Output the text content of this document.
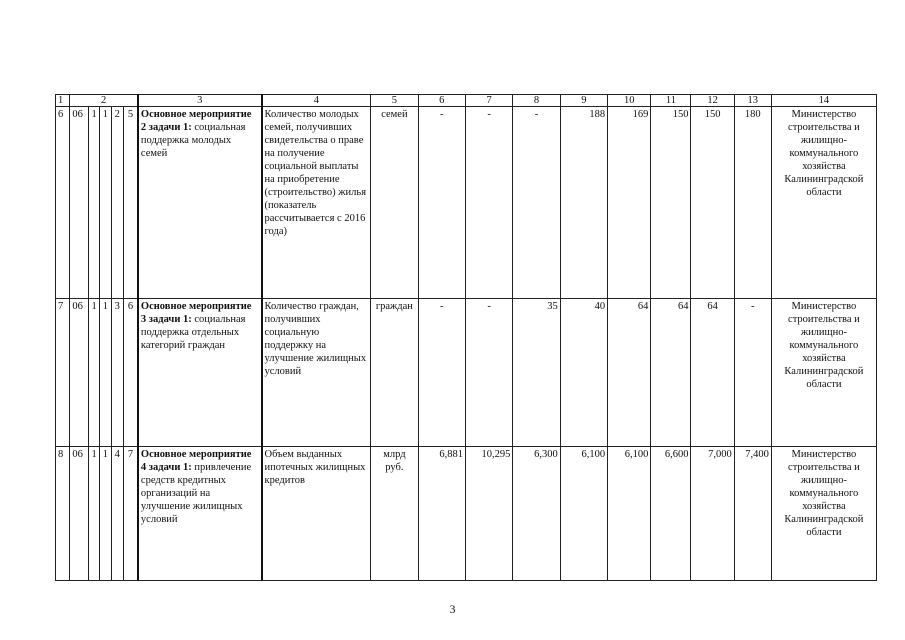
1	2					3	4	5	6	7	8	9	10	11	12	13	14
6	06	1	1	2	5	Основное мероприятие 2 задачи 1: социальная поддержка молодых семей	Количество молодых семей, получивших свидетельства о праве на получение социальной выплаты на приобретение (строительство) жилья (показатель рассчитывается с 2016 года)	семей	-	-	-	188	169	150	150	180	Министерство строительства и жилищно-коммунального хозяйства Калининградской области
7	06	1	1	3	6	Основное мероприятие 3 задачи 1: социальная поддержка отдельных категорий граждан	Количество граждан, получивших социальную поддержку на улучшение жилищных условий	граждан	-	-	35	40	64	64	64	-	Министерство строительства и жилищно-коммунального хозяйства Калининградской области
8	06	1	1	4	7	Основное мероприятие 4 задачи 1: привлечение средств кредитных организаций на улучшение жилищных условий	Объем выданных ипотечных жилищных кредитов	млрд руб.	6,881	10,295	6,300	6,100	6,100	6,600	7,000	7,400	Министерство строительства и жилищно-коммунального хозяйства Калининградской области
3
